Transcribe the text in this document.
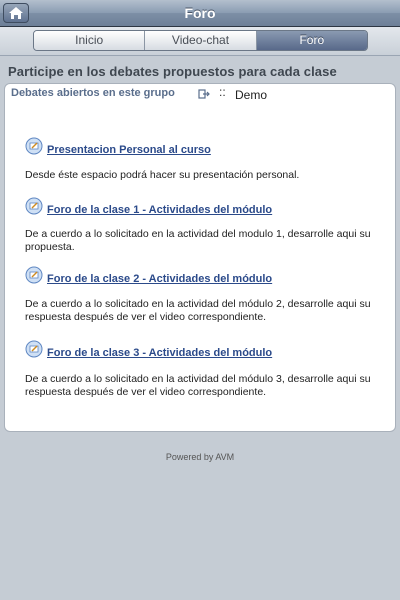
Foro
Inicio	Video-chat	Foro
Participe en los debates propuestos para cada clase
Debates abiertos en este grupo	:: Demo
Presentacion Personal al curso
Desde éste espacio podrá hacer su presentación personal.
Foro de la clase 1 - Actividades del módulo
De a cuerdo a lo solicitado en la actividad del modulo 1, desarrolle aqui su propuesta.
Foro de la clase 2 - Actividades del módulo
De a cuerdo a lo solicitado en la actividad del módulo 2, desarrolle aqui su respuesta después de ver el video correspondiente.
Foro de la clase 3 - Actividades del módulo
De a cuerdo a lo solicitado en la actividad del módulo 3, desarrolle aqui su respuesta después de ver el video correspondiente.
Powered by AVM
